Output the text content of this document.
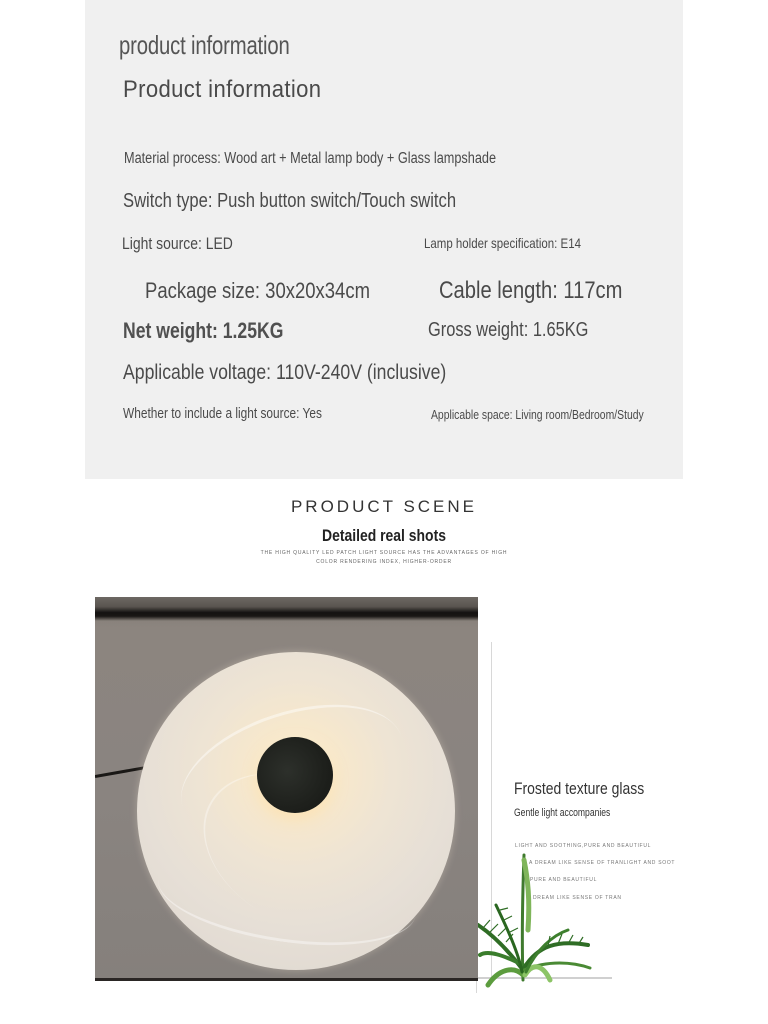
product information
Product information
Material process: Wood art + Metal lamp body + Glass lampshade
Switch type: Push button switch/Touch switch
Light source: LED	Lamp holder specification: E14
Package size: 30x20x34cm	Cable length: 117cm
Net weight: 1.25KG	Gross weight: 1.65KG
Applicable voltage: 110V-240V (inclusive)
Whether to include a light source: Yes	Applicable space: Living room/Bedroom/Study
PRODUCT SCENE
Detailed real shots
THE HIGH QUALITY LED PATCH LIGHT SOURCE HAS THE ADVANTAGES OF HIGH
COLOR RENDERING INDEX, HIGHER-ORDER
Frosted texture glass
Gentle light accompanies
LIGHT AND SOOTHING,PURE AND BEAUTIFUL
A DREAM LIKE SENSE OF TRANLIGHT AND SOOT
PURE AND BEAUTIFUL
DREAM LIKE SENSE OF TRAN
